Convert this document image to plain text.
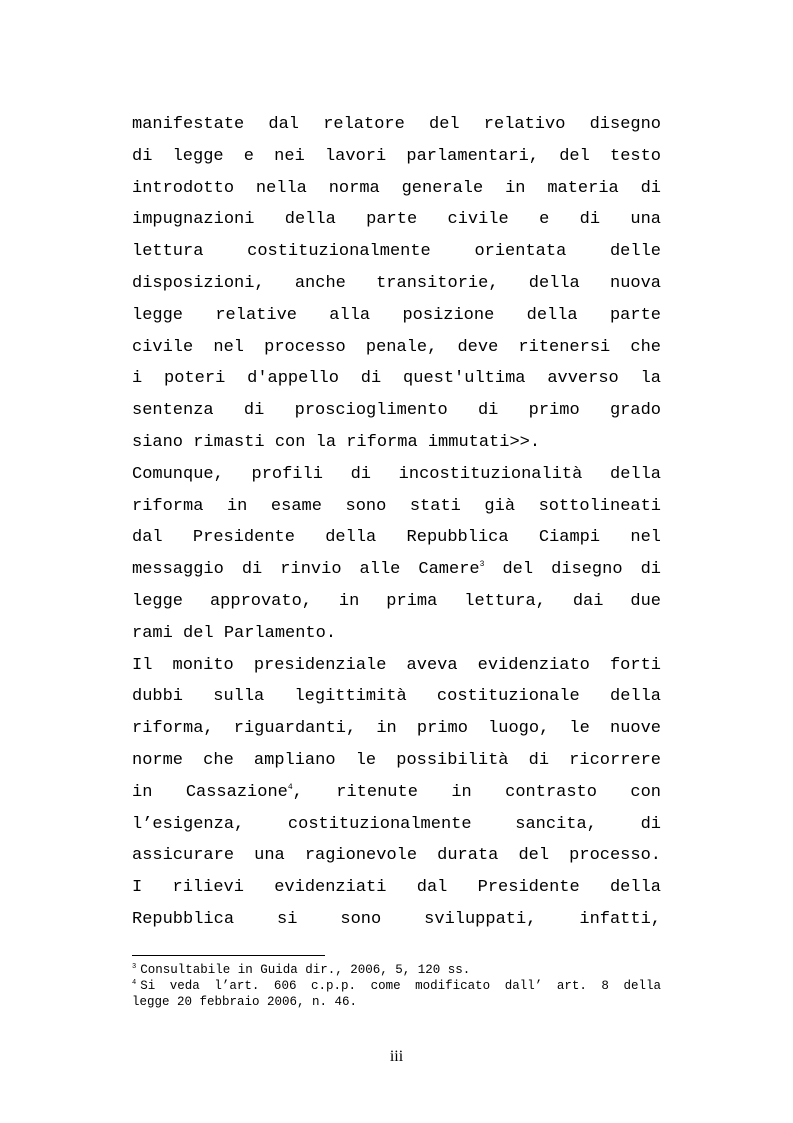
manifestate dal relatore del relativo disegno
di legge e nei lavori parlamentari, del testo
introdotto nella norma generale in materia di
impugnazioni della parte civile e di una
lettura costituzionalmente orientata delle
disposizioni, anche transitorie, della nuova
legge relative alla posizione della parte
civile nel processo penale, deve ritenersi che
i poteri d'appello di quest'ultima avverso la
sentenza di proscioglimento di primo grado
siano rimasti con la riforma immutati>>.
Comunque, profili di incostituzionalità della
riforma in esame sono stati già sottolineati
dal Presidente della Repubblica Ciampi nel
messaggio di rinvio alle Camere$^3$ del disegno di
legge approvato, in prima lettura, dai due
rami del Parlamento.
Il monito presidenziale aveva evidenziato forti
dubbi sulla legittimità costituzionale della
riforma, riguardanti, in primo luogo, le nuove
norme che ampliano le possibilità di ricorrere
in Cassazione$^4$, ritenute in contrasto con
l’esigenza, costituzionalmente sancita, di
assicurare una ragionevole durata del processo.
I rilievi evidenziati dal Presidente della
Repubblica si sono sviluppati, infatti,
$^3$ Consultabile in Guida dir., 2006, 5, 120 ss.
$^4$ Si veda l’art. 606 c.p.p. come modificato dall’ art. 8 della
legge 20 febbraio 2006, n. 46.
iii
